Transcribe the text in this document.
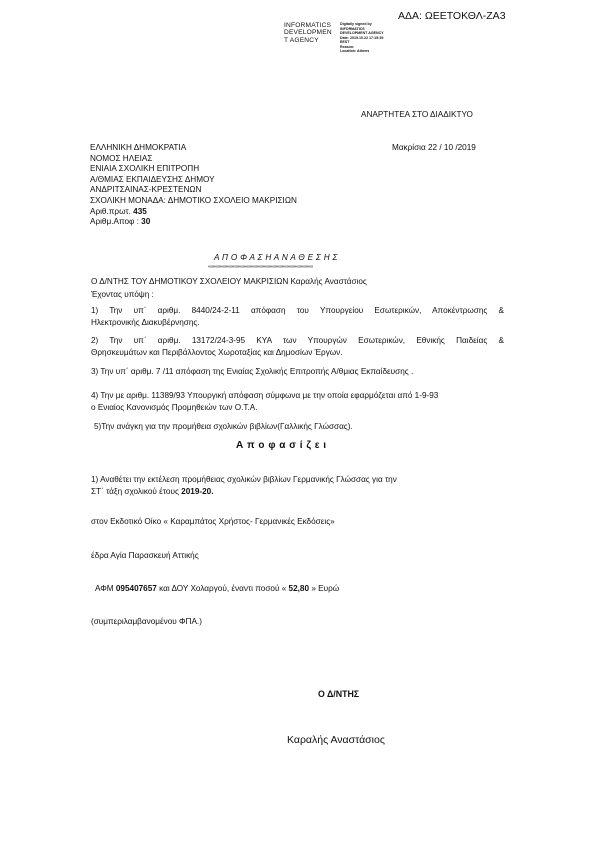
ΑΔΑ: ΩΕΕΤΟΚΘΛ-ΖΑ3
INFORMATICS
DEVELOPMEN
T AGENCY
Digitally signed by
INFORMATICS
DEVELOPMENT AGENCY
Date: 2019.10.22 17:15:39
EEST
Reason:
Location: Athens
ΑΝΑΡΤΗΤΕΑ ΣΤΟ ΔΙΑΔΙΚΤΥΟ
ΕΛΛΗΝΙΚΗ ΔΗΜΟΚΡΑΤΙΑ
ΝΟΜΟΣ ΗΛΕΙΑΣ
ΕΝΙΑΙΑ ΣΧΟΛΙΚΗ ΕΠΙΤΡΟΠΗ
Α/ΘΜΙΑΣ ΕΚΠΑΙΔΕΥΣΗΣ ΔΗΜΟΥ
ΑΝΔΡΙΤΣΑΙΝΑΣ-ΚΡΕΣΤΕΝΩΝ
ΣΧΟΛΙΚΗ ΜΟΝΑΔΑ: ΔΗΜΟΤΙΚΟ ΣΧΟΛΕΙΟ ΜΑΚΡΙΣΙΩΝ
Αριθ.πρωτ. 435
Αριθμ.Αποφ : 30
Μακρίσια 22 / 10 /2019
Α Π Ο Φ Α Σ Η Α Ν Α Θ Ε Σ Η Σ
««««««««««««««««««««««««««««««««««««««««««««
Ο Δ/ΝΤΗΣ ΤΟΥ ΔΗΜΟΤΙΚΟΥ ΣΧΟΛΕΙΟΥ ΜΑΚΡΙΣΙΩΝ Καραλής Αναστάσιος
Έχοντας υπόψη :
1) Την υπ΄ αριθμ. 8440/24-2-11 απόφαση του Υπουργείου Εσωτερικών, Αποκέντρωσης &
Ηλεκτρονικής Διακυβέρνησης.
2) Την υπ΄ αριθμ. 13172/24-3-95 ΚΥΑ των Υπουργών Εσωτερικών, Εθνικής Παιδείας &
Θρησκευμάτων και Περιβάλλοντος Χωροταξίας και Δημοσίων Έργων.
3) Την υπ΄ αριθμ. 7 /11 απόφαση της Ενιαίας Σχολικής Επιτροπής Α/θμιας Εκπαίδευσης .
4) Την με αριθμ. 11389/93 Υπουργική απόφαση σύμφωνα με την οποία εφαρμόζεται από 1-9-93
ο Ενιαίος Κανονισμός Προμηθειών των Ο.Τ.Α.
5)Την ανάγκη για την προμήθεια σχολικών βιβλίων(Γαλλικής Γλώσσας).
Α π ο φ α σ ί ζ ε ι
1) Αναθέτει την εκτέλεση προμήθειας σχολικών βιβλίων Γερμανικής Γλώσσας για την
ΣΤ΄ τάξη σχολικού έτους 2019-20.
στον Εκδοτικό Οίκο « Καραμπάτος Χρήστος- Γερμανικές Εκδόσεις»
έδρα Αγία Παρασκευή Αττικής
ΑΦΜ 095407657 και ΔΟΥ Χολαργού, έναντι ποσού « 52,80 » Ευρώ
(συμπεριλαμβανομένου ΦΠΑ.)
Ο Δ/ΝΤΗΣ
Καραλής Αναστάσιος
